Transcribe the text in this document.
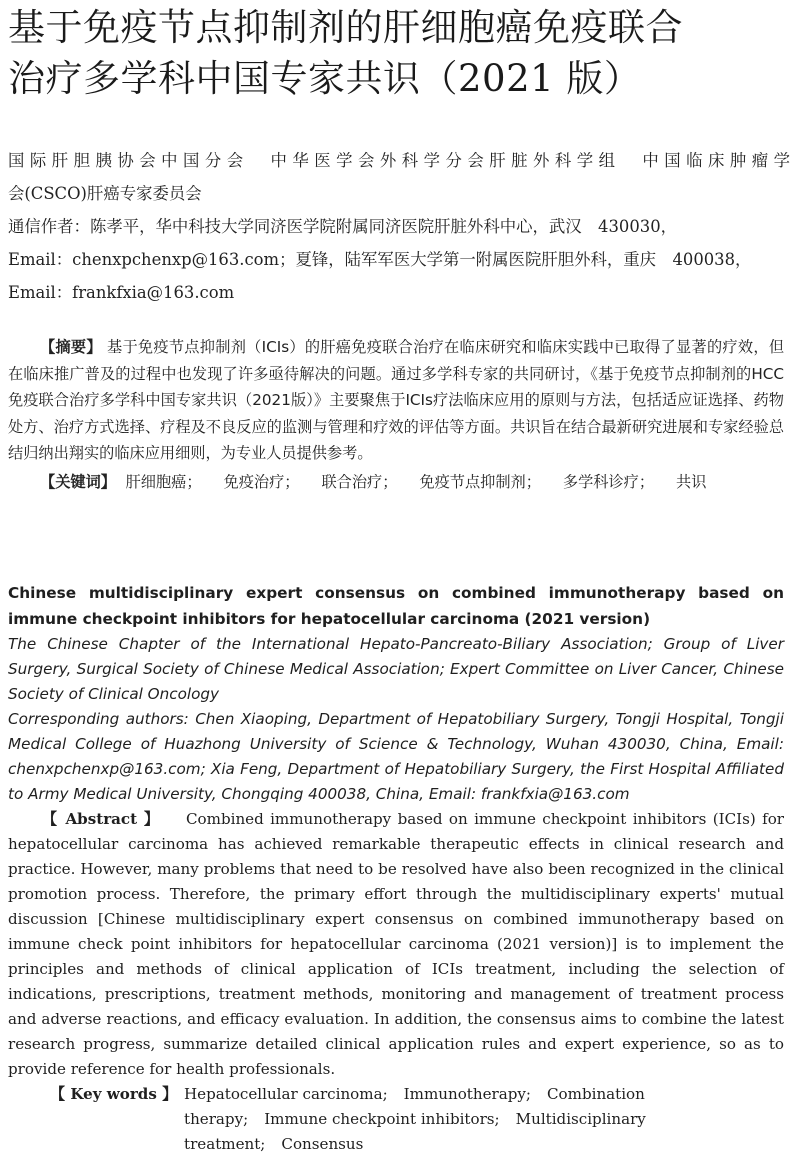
基于免疫节点抑制剂的肝细胞癌免疫联合
治疗多学科中国专家共识（2021 版）
国际肝胆胰协会中国分会　中华医学会外科学分会肝脏外科学组　中国临床肿瘤学
会(CSCO)肝癌专家委员会
通信作者：陈孝平，华中科技大学同济医学院附属同济医院肝脏外科中心，武汉　430030，
Email：chenxpchenxp@163.com；夏锋，陆军军医大学第一附属医院肝胆外科，重庆　400038，
Email：frankfxia@163.com

【摘要】 基于免疫节点抑制剂（ICIs）的肝癌免疫联合治疗在临床研究和临床实践中已取得了显著的疗效，但在临床推广普及的过程中也发现了许多亟待解决的问题。通过多学科专家的共同研讨，《基于免疫节点抑制剂的HCC免疫联合治疗多学科中国专家共识（2021版）》主要聚焦于ICIs疗法临床应用的原则与方法，包括适应证选择、药物处方、治疗方式选择、疗程及不良反应的监测与管理和疗效的评估等方面。共识旨在结合最新研究进展和专家经验总结归纳出翔实的临床应用细则，为专业人员提供参考。

【关键词】 肝细胞癌； 免疫治疗； 联合治疗； 免疫节点抑制剂； 多学科诊疗； 共识

Chinese multidisciplinary expert consensus on combined immunotherapy based on immune checkpoint inhibitors for hepatocellular carcinoma (2021 version)

The Chinese Chapter of the International Hepato-Pancreato-Biliary Association; Group of Liver Surgery, Surgical Society of Chinese Medical Association; Expert Committee on Liver Cancer, Chinese Society of Clinical Oncology

Corresponding authors: Chen Xiaoping, Department of Hepatobiliary Surgery, Tongji Hospital, Tongji Medical College of Huazhong University of Science & Technology, Wuhan 430030, China, Email: chenxpchenxp@163.com; Xia Feng, Department of Hepatobiliary Surgery, the First Hospital Affiliated to Army Medical University, Chongqing 400038, China, Email: frankfxia@163.com

【 Abstract 】 Combined immunotherapy based on immune checkpoint inhibitors (ICIs) for hepatocellular carcinoma has achieved remarkable therapeutic effects in clinical research and practice. However, many problems that need to be resolved have also been recognized in the clinical promotion process. Therefore, the primary effort through the multidisciplinary experts' mutual discussion [Chinese multidisciplinary expert consensus on combined immunotherapy based on immune check point inhibitors for hepatocellular carcinoma (2021 version)] is to implement the principles and methods of clinical application of ICIs treatment, including the selection of indications, prescriptions, treatment methods, monitoring and management of treatment process and adverse reactions, and efficacy evaluation. In addition, the consensus aims to combine the latest research progress, summarize detailed clinical application rules and expert experience, so as to provide reference for health professionals.

【 Key words 】 Hepatocellular carcinoma; Immunotherapy; Combination therapy; Immune checkpoint inhibitors; Multidisciplinary treatment; Consensus
